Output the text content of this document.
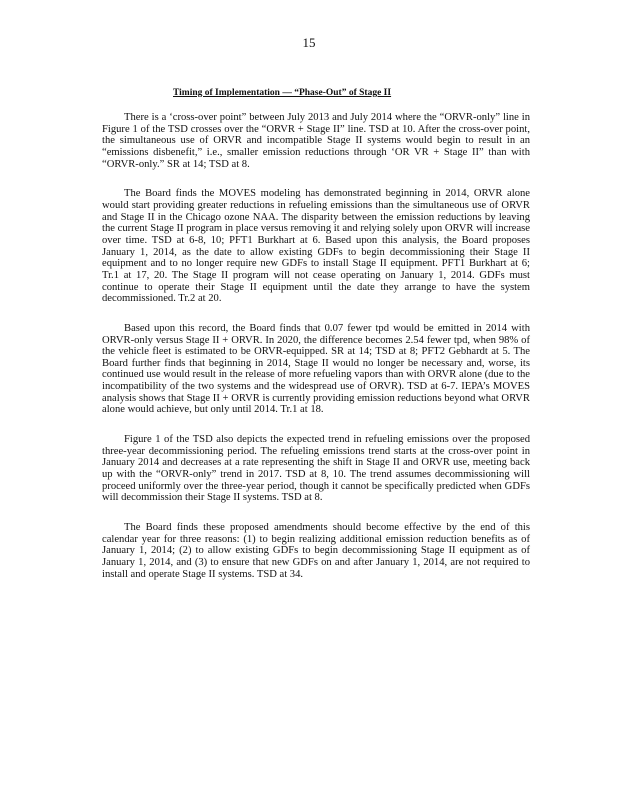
15
Timing of Implementation — “Phase-Out” of Stage II

There is a ‘cross-over point” between July 2013 and July 2014 where the “ORVR-only” line in Figure 1 of the TSD crosses over the “ORVR + Stage II” line. TSD at 10. After the cross-over point, the simultaneous use of ORVR and incompatible Stage II systems would begin to result in an “emissions disbenefit,” i.e., smaller emission reductions through ‘OR VR + Stage II” than with “ORVR-only.” SR at 14; TSD at 8.

The Board finds the MOVES modeling has demonstrated beginning in 2014, ORVR alone would start providing greater reductions in refueling emissions than the simultaneous use of ORVR and Stage II in the Chicago ozone NAA. The disparity between the emission reductions by leaving the current Stage II program in place versus removing it and relying solely upon ORVR will increase over time. TSD at 6-8, 10; PFT1 Burkhart at 6. Based upon this analysis, the Board proposes January 1, 2014, as the date to allow existing GDFs to begin decommissioning their Stage II equipment and to no longer require new GDFs to install Stage II equipment. PFT1 Burkhart at 6; Tr.1 at 17, 20. The Stage II program will not cease operating on January 1, 2014. GDFs must continue to operate their Stage II equipment until the date they arrange to have the system decommissioned. Tr.2 at 20.

Based upon this record, the Board finds that 0.07 fewer tpd would be emitted in 2014 with ORVR-only versus Stage II + ORVR. In 2020, the difference becomes 2.54 fewer tpd, when 98% of the vehicle fleet is estimated to be ORVR-equipped. SR at 14; TSD at 8; PFT2 Gebhardt at 5. The Board further finds that beginning in 2014, Stage II would no longer be necessary and, worse, its continued use would result in the release of more refueling vapors than with ORVR alone (due to the incompatibility of the two systems and the widespread use of ORVR). TSD at 6-7. IEPA’s MOVES analysis shows that Stage II + ORVR is currently providing emission reductions beyond what ORVR alone would achieve, but only until 2014. Tr.1 at 18.

Figure 1 of the TSD also depicts the expected trend in refueling emissions over the proposed three-year decommissioning period. The refueling emissions trend starts at the cross-over point in January 2014 and decreases at a rate representing the shift in Stage II and ORVR use, meeting back up with the “ORVR-only” trend in 2017. TSD at 8, 10. The trend assumes decommissioning will proceed uniformly over the three-year period, though it cannot be specifically predicted when GDFs will decommission their Stage II systems. TSD at 8.

The Board finds these proposed amendments should become effective by the end of this calendar year for three reasons: (1) to begin realizing additional emission reduction benefits as of January 1, 2014; (2) to allow existing GDFs to begin decommissioning Stage II equipment as of January 1, 2014, and (3) to ensure that new GDFs on and after January 1, 2014, are not required to install and operate Stage II systems. TSD at 34.
